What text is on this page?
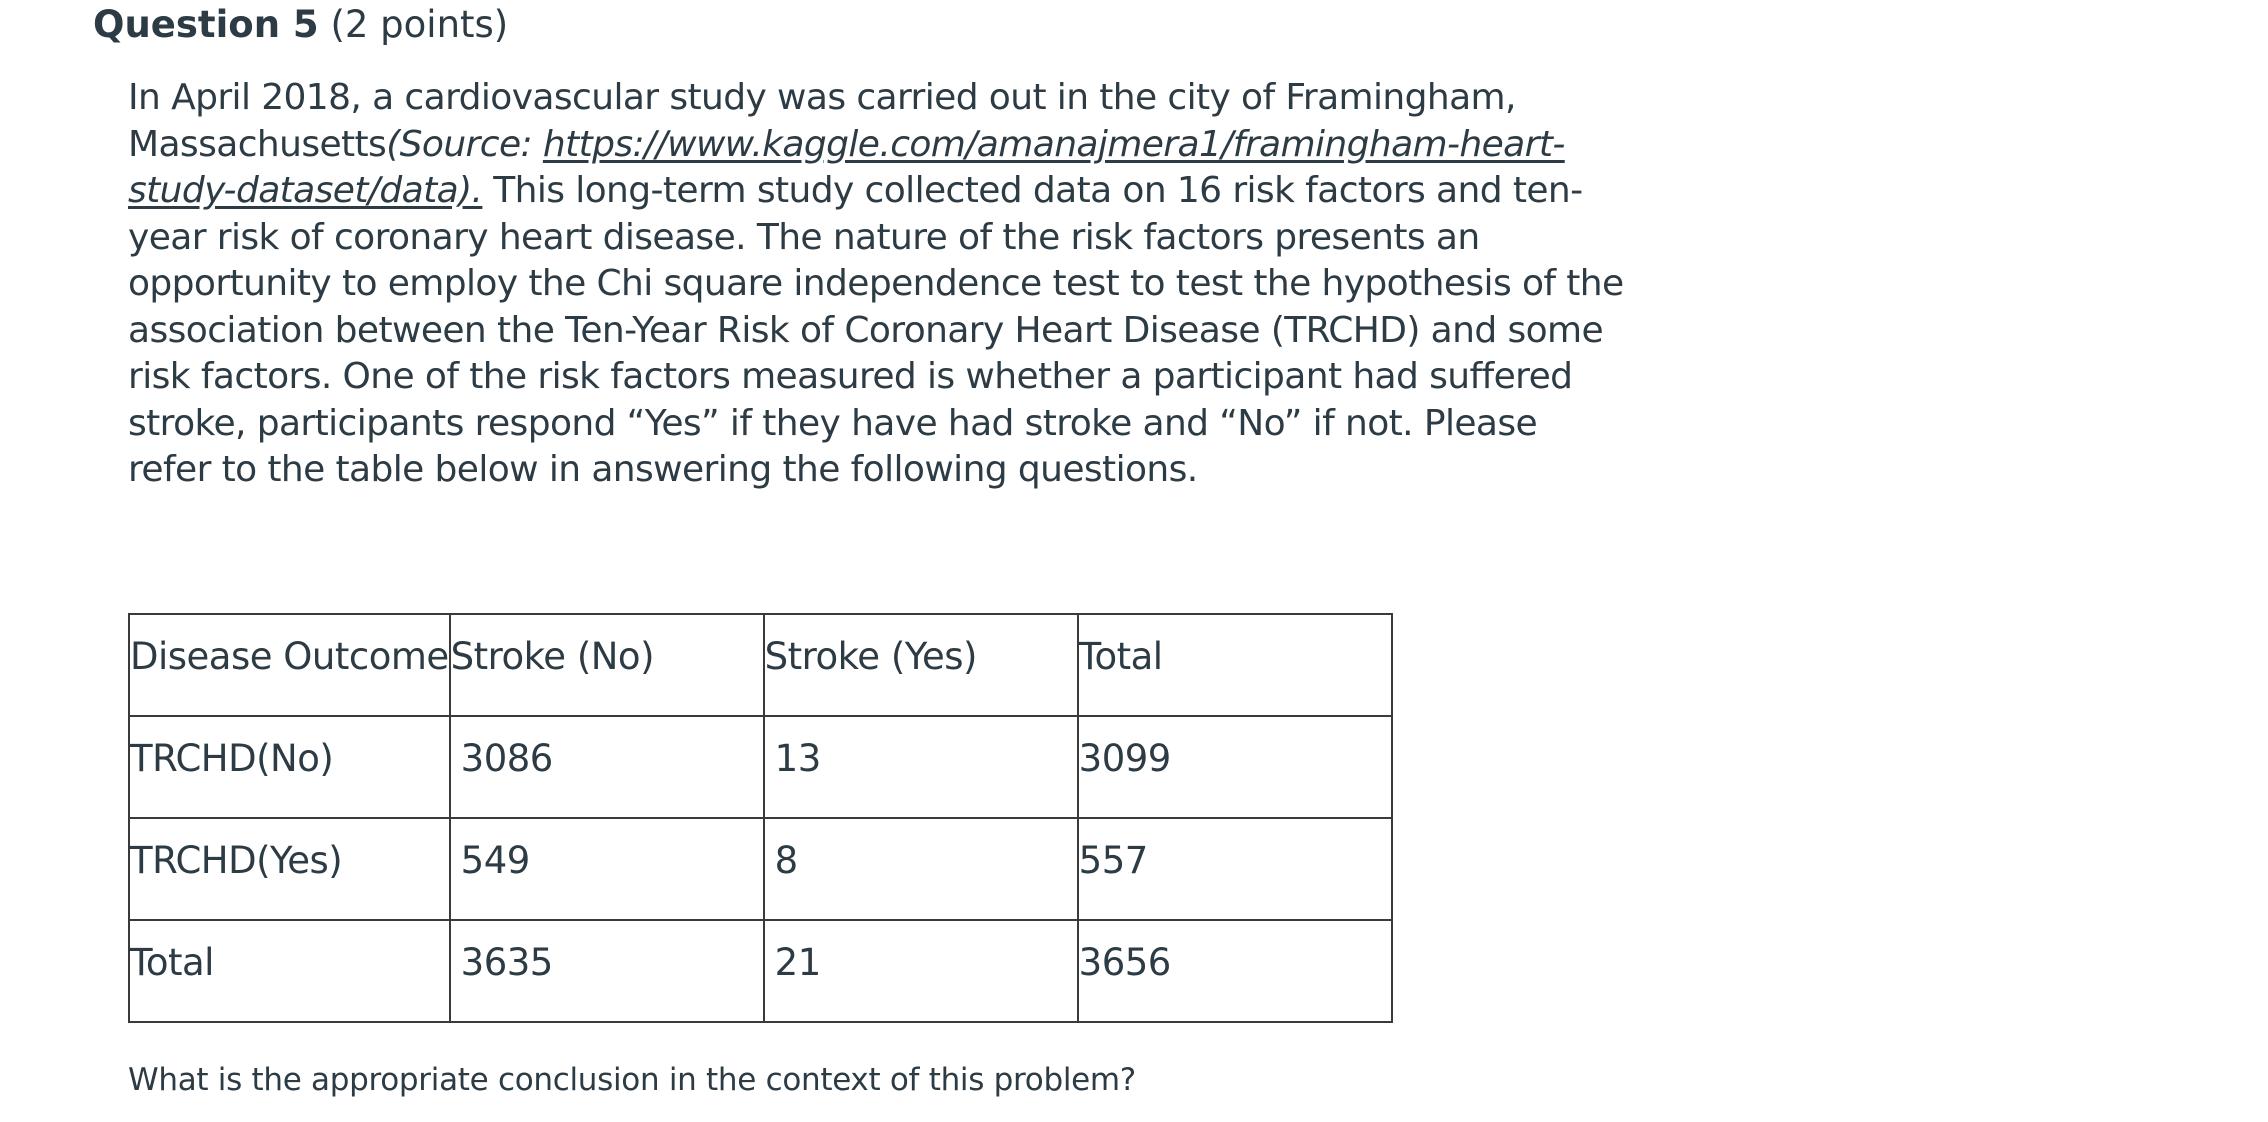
Question 5 (2 points)

In April 2018, a cardiovascular study was carried out in the city of Framingham, Massachusetts(Source: https://www.kaggle.com/amanajmera1/framingham-heart-study-dataset/data). This long-term study collected data on 16 risk factors and ten-year risk of coronary heart disease. The nature of the risk factors presents an opportunity to employ the Chi square independence test to test the hypothesis of the association between the Ten-Year Risk of Coronary Heart Disease (TRCHD) and some risk factors. One of the risk factors measured is whether a participant had suffered stroke, participants respond “Yes” if they have had stroke and “No” if not. Please refer to the table below in answering the following questions.

Disease Outcome	Stroke (No)	Stroke (Yes)	Total

TRCHD(No)	3086	13	3099

TRCHD(Yes)	549	8	557

Total	3635	21	3656
What is the appropriate conclusion in the context of this problem?
